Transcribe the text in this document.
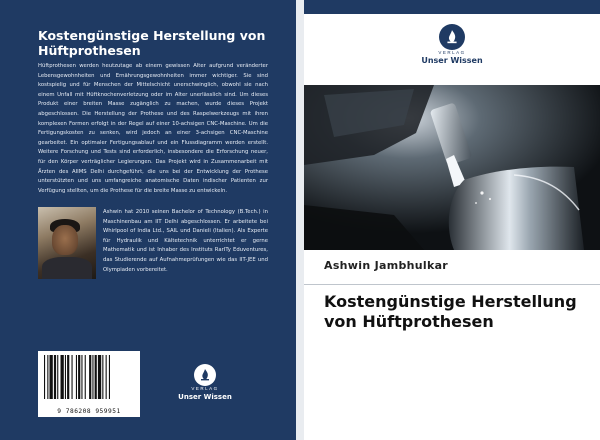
Kostengünstige Herstellung von Hüftprothesen
Hüftprothesen werden heutzutage ab einem gewissen Alter aufgrund veränderter Lebensgewohnheiten und Ernährungsgewohnheiten immer wichtiger. Sie sind kostspielig und für Menschen der Mittelschicht unerschwinglich, obwohl sie nach einem Unfall mit Hüftknochenverletzung oder im Alter unerlässlich sind. Um dieses Produkt einer breiten Masse zugänglich zu machen, wurde dieses Projekt abgeschlossen. Die Herstellung der Prothese und des Raspelwerkzeugs mit ihren komplexen Formen erfolgt in der Regel auf einer 10-achsigen CNC-Maschine. Um die Fertigungskosten zu senken, wird jedoch an einer 3-achsigen CNC-Maschine gearbeitet. Ein optimaler Fertigungsablauf und ein Flussdiagramm werden erstellt. Weitere Forschung und Tests sind erforderlich, insbesondere die Erforschung neuer, für den Körper verträglicher Legierungen. Das Projekt wird in Zusammenarbeit mit Ärzten des AIIMS Delhi durchgeführt, die uns bei der Entwicklung der Prothese unterstützten und uns umfangreiche anatomische Daten indischer Patienten zur Verfügung stellten, um die Prothese für die breite Masse zu entwickeln.
Ashwin hat 2010 seinen Bachelor of Technology (B.Tech.) in Maschinenbau am IIT Delhi abgeschlossen. Er arbeitete bei Whirlpool of India Ltd., SAIL und Danieli (Italien). Als Experte für Hydraulik und Kältetechnik unterrichtet er gerne Mathematik und ist Inhaber des Instituts RarITy Eduventures, das Studierende auf Aufnahmeprüfungen wie das IIT-JEE und Olympiaden vorbereitet.
9 786208 959951
VERLAG
Unser Wissen
VERLAG
Unser Wissen
Ashwin Jambhulkar
Kostengünstige Herstellung von Hüftprothesen
